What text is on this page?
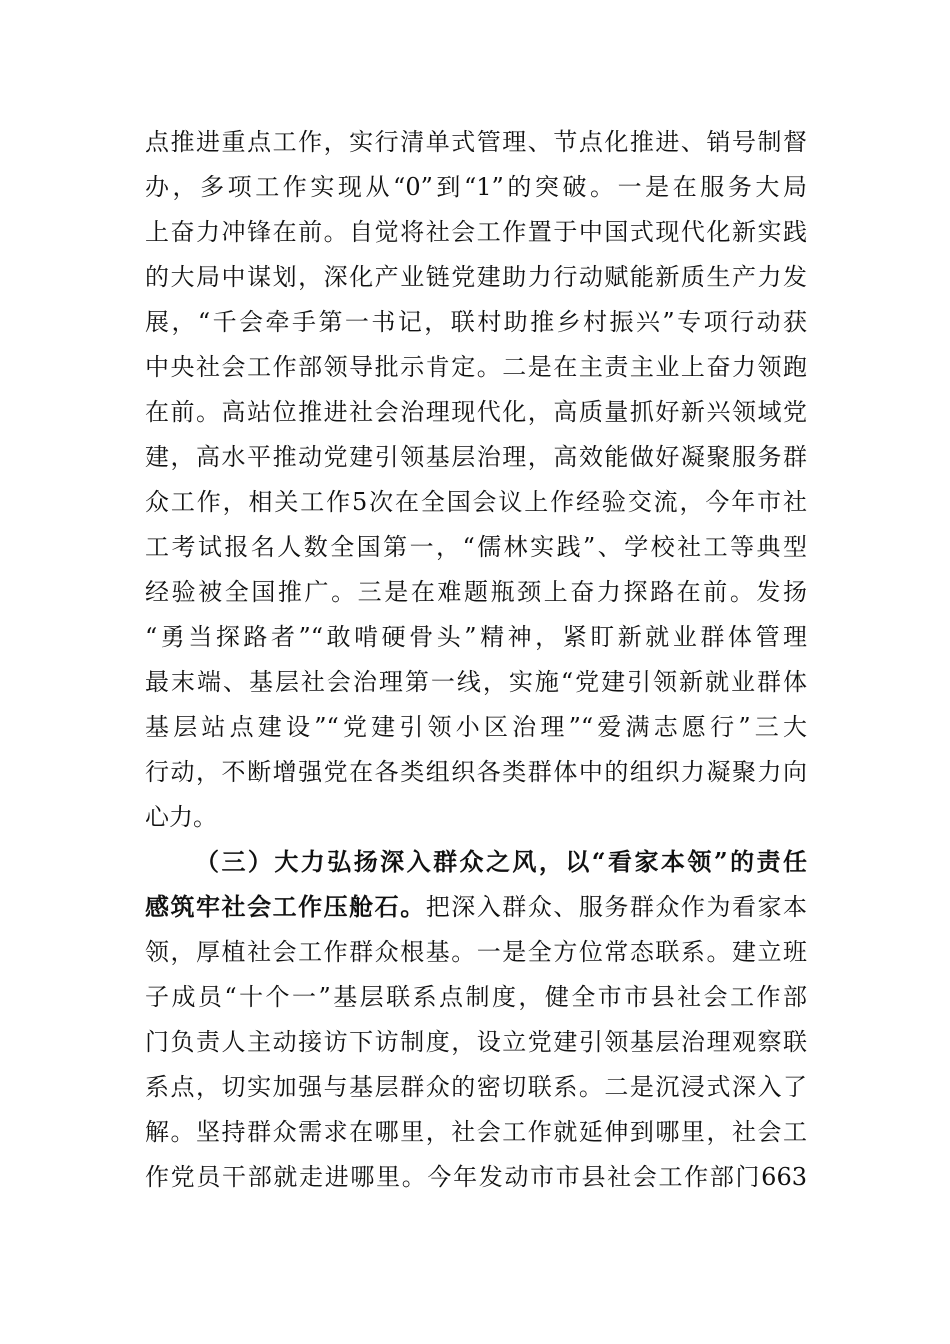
点推进重点工作，实行清单式管理、节点化推进、销号制督
办，多项工作实现从“0”到“1”的突破。一是在服务大局
上奋力冲锋在前。自觉将社会工作置于中国式现代化新实践
的大局中谋划，深化产业链党建助力行动赋能新质生产力发
展，“千会牵手第一书记，联村助推乡村振兴”专项行动获
中央社会工作部领导批示肯定。二是在主责主业上奋力领跑
在前。高站位推进社会治理现代化，高质量抓好新兴领域党
建，高水平推动党建引领基层治理，高效能做好凝聚服务群
众工作，相关工作5次在全国会议上作经验交流，今年市社
工考试报名人数全国第一，“儒林实践”、学校社工等典型
经验被全国推广。三是在难题瓶颈上奋力探路在前。发扬
“勇当探路者”“敢啃硬骨头”精神，紧盯新就业群体管理
最末端、基层社会治理第一线，实施“党建引领新就业群体
基层站点建设”“党建引领小区治理”“爱满志愿行”三大
行动，不断增强党在各类组织各类群体中的组织力凝聚力向
心力。
（三）大力弘扬深入群众之风，以“看家本领”的责任
感筑牢社会工作压舱石。把深入群众、服务群众作为看家本
领，厚植社会工作群众根基。一是全方位常态联系。建立班
子成员“十个一”基层联系点制度，健全市市县社会工作部
门负责人主动接访下访制度，设立党建引领基层治理观察联
系点，切实加强与基层群众的密切联系。二是沉浸式深入了
解。坚持群众需求在哪里，社会工作就延伸到哪里，社会工
作党员干部就走进哪里。今年发动市市县社会工作部门663
